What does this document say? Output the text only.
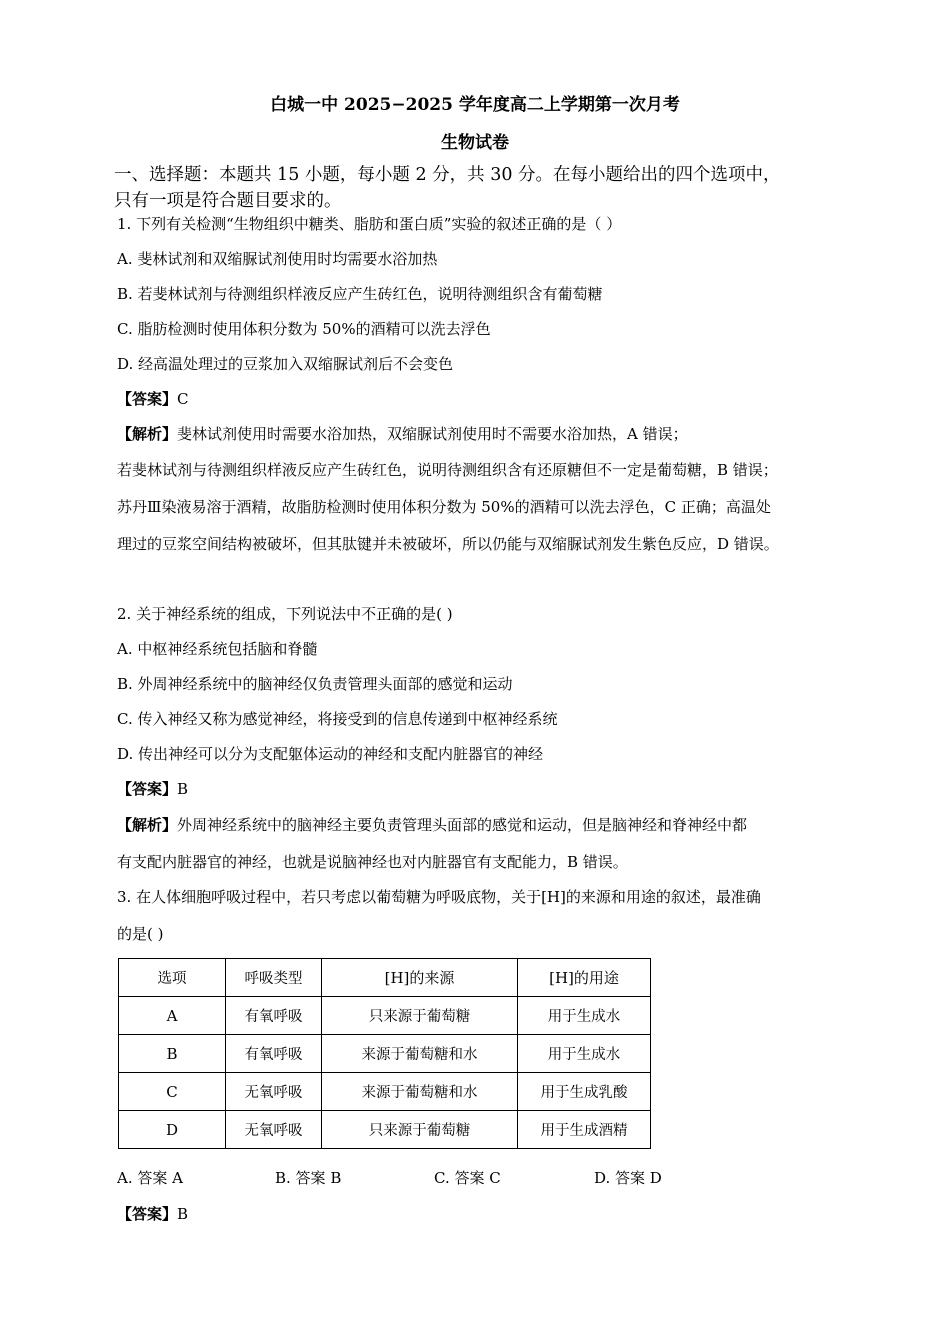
白城一中 2025−2025 学年度高二上学期第一次月考
生物试卷
一、选择题：本题共 15 小题，每小题 2 分，共 30 分。在每小题给出的四个选项中，
只有一项是符合题目要求的。
1. 下列有关检测“生物组织中糖类、脂肪和蛋白质”实验的叙述正确的是（ ）
A. 斐林试剂和双缩脲试剂使用时均需要水浴加热
B. 若斐林试剂与待测组织样液反应产生砖红色，说明待测组织含有葡萄糖
C. 脂肪检测时使用体积分数为 50%的酒精可以洗去浮色
D. 经高温处理过的豆浆加入双缩脲试剂后不会变色
【答案】C
【解析】斐林试剂使用时需要水浴加热，双缩脲试剂使用时不需要水浴加热，A 错误；
若斐林试剂与待测组织样液反应产生砖红色，说明待测组织含有还原糖但不一定是葡萄糖，B 错误；
苏丹Ⅲ染液易溶于酒精，故脂肪检测时使用体积分数为 50%的酒精可以洗去浮色，C 正确；高温处
理过的豆浆空间结构被破坏，但其肽键并未被破坏，所以仍能与双缩脲试剂发生紫色反应，D 错误。
2. 关于神经系统的组成，下列说法中不正确的是( )
A. 中枢神经系统包括脑和脊髓
B. 外周神经系统中的脑神经仅负责管理头面部的感觉和运动
C. 传入神经又称为感觉神经，将接受到的信息传递到中枢神经系统
D. 传出神经可以分为支配躯体运动的神经和支配内脏器官的神经
【答案】B
【解析】外周神经系统中的脑神经主要负责管理头面部的感觉和运动，但是脑神经和脊神经中都
有支配内脏器官的神经，也就是说脑神经也对内脏器官有支配能力，B 错误。
3. 在人体细胞呼吸过程中，若只考虑以葡萄糖为呼吸底物，关于[H]的来源和用途的叙述，最准确
的是( )
选项	呼吸类型	[H]的来源	[H]的用途
A	有氧呼吸	只来源于葡萄糖	用于生成水
B	有氧呼吸	来源于葡萄糖和水	用于生成水
C	无氧呼吸	来源于葡萄糖和水	用于生成乳酸
D	无氧呼吸	只来源于葡萄糖	用于生成酒精
A. 答案 A	B. 答案 B	C. 答案 C	D. 答案 D
【答案】B
